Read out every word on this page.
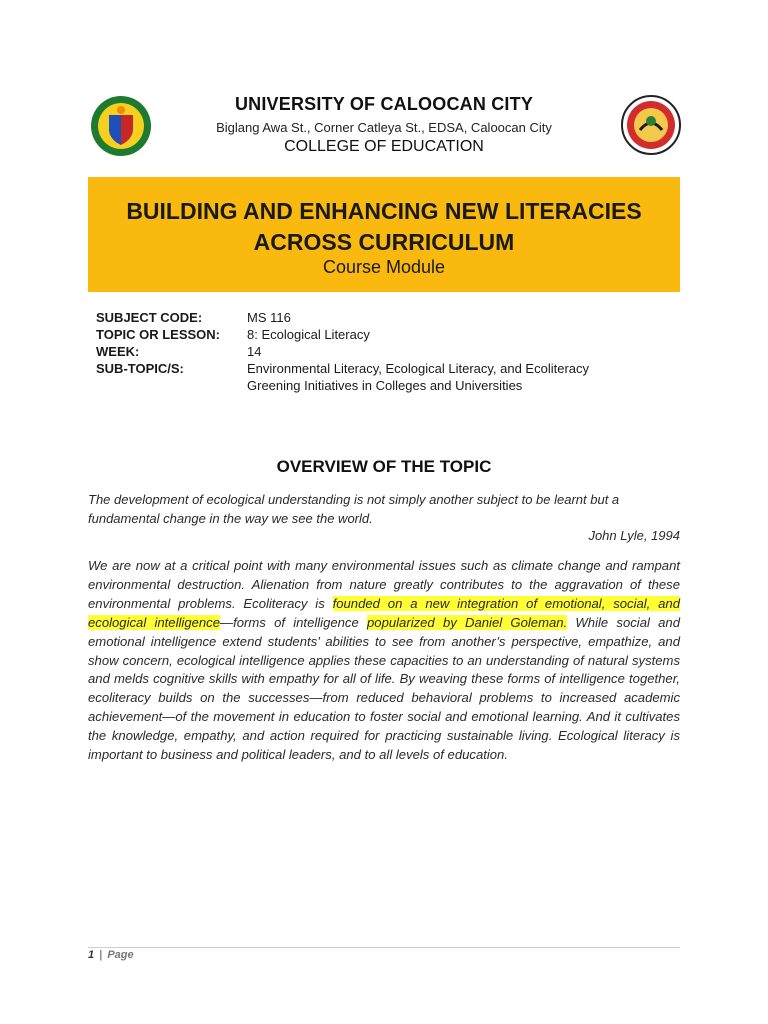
UNIVERSITY OF CALOOCAN CITY
Biglang Awa St., Corner Catleya St., EDSA, Caloocan City
COLLEGE OF EDUCATION
BUILDING AND ENHANCING NEW LITERACIES
ACROSS CURRICULUM
Course Module
SUBJECT CODE:	MS 116
TOPIC OR LESSON:	8: Ecological Literacy
WEEK:	14
SUB-TOPIC/S:	Environmental Literacy, Ecological Literacy, and Ecoliteracy
Greening Initiatives in Colleges and Universities
OVERVIEW OF THE TOPIC
The development of ecological understanding is not simply another subject to be learnt but a fundamental change in the way we see the world.
John Lyle, 1994
We are now at a critical point with many environmental issues such as climate change and rampant environmental destruction. Alienation from nature greatly contributes to the aggravation of these environmental problems. Ecoliteracy is founded on a new integration of emotional, social, and ecological intelligence—forms of intelligence popularized by Daniel Goleman. While social and emotional intelligence extend students’ abilities to see from another’s perspective, empathize, and show concern, ecological intelligence applies these capacities to an understanding of natural systems and melds cognitive skills with empathy for all of life. By weaving these forms of intelligence together, ecoliteracy builds on the successes—from reduced behavioral problems to increased academic achievement—of the movement in education to foster social and emotional learning. And it cultivates the knowledge, empathy, and action required for practicing sustainable living. Ecological literacy is important to business and political leaders, and to all levels of education.
1 | Page
